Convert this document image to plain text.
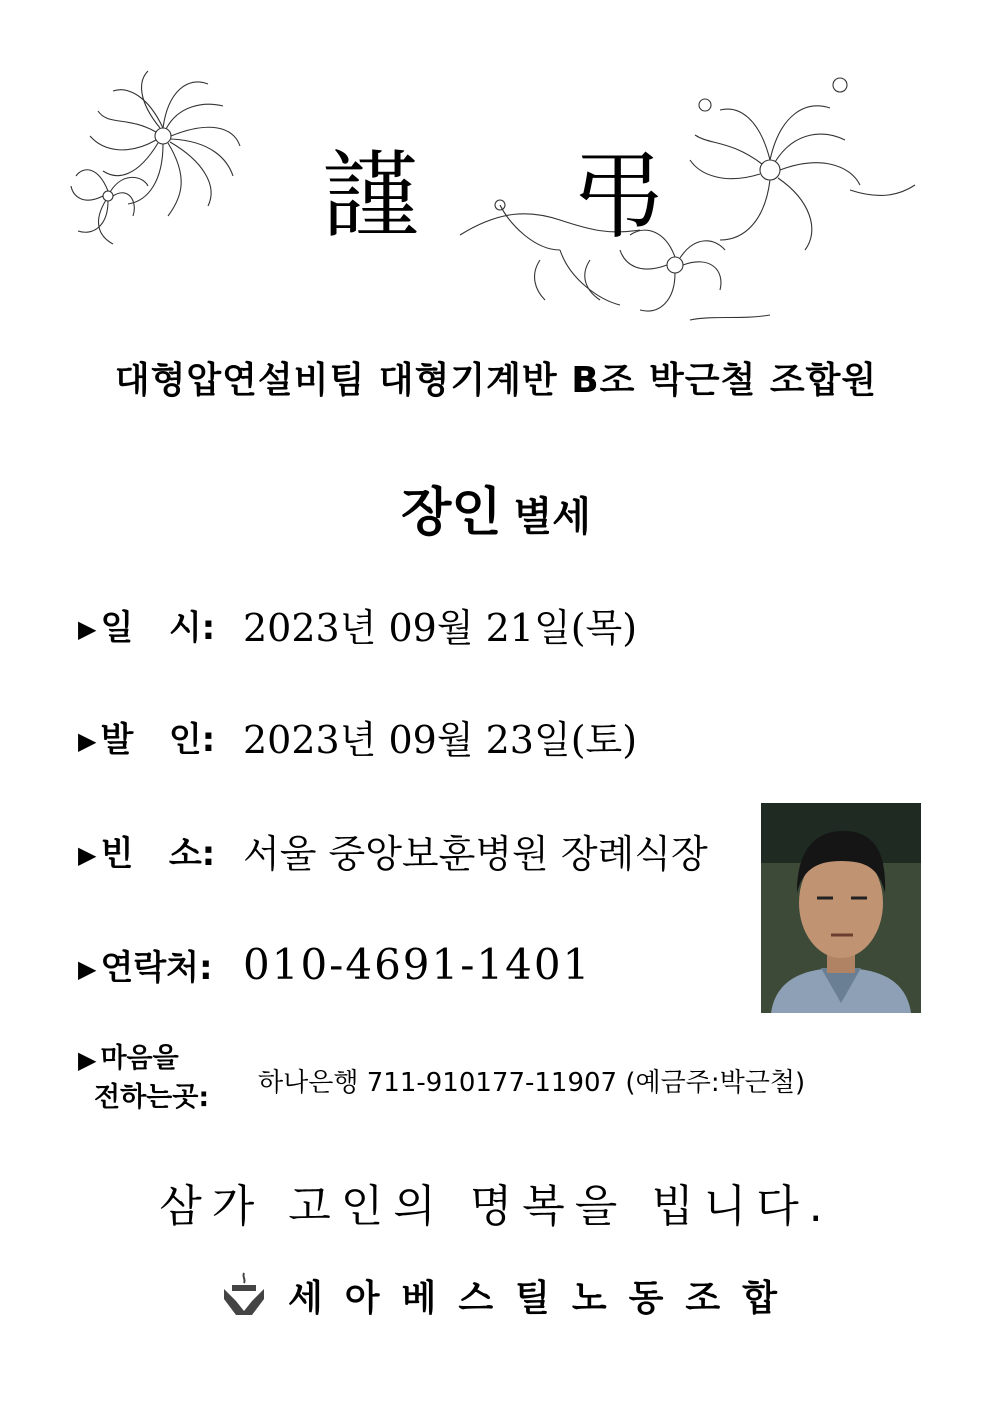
謹 弔
대형압연설비팀 대형기계반 B조 박근철 조합원
장인 별세
▶ 일   시: 2023년 09월 21일(목)
▶ 발   인: 2023년 09월 23일(토)
▶ 빈   소: 서울 중앙보훈병원 장례식장
▶ 연락처: 010-4691-1401
▶ 마음을
전하는곳: 하나은행 711-910177-11907 (예금주:박근철)
삼가 고인의 명복을 빕니다.
세아베스틸노동조합
